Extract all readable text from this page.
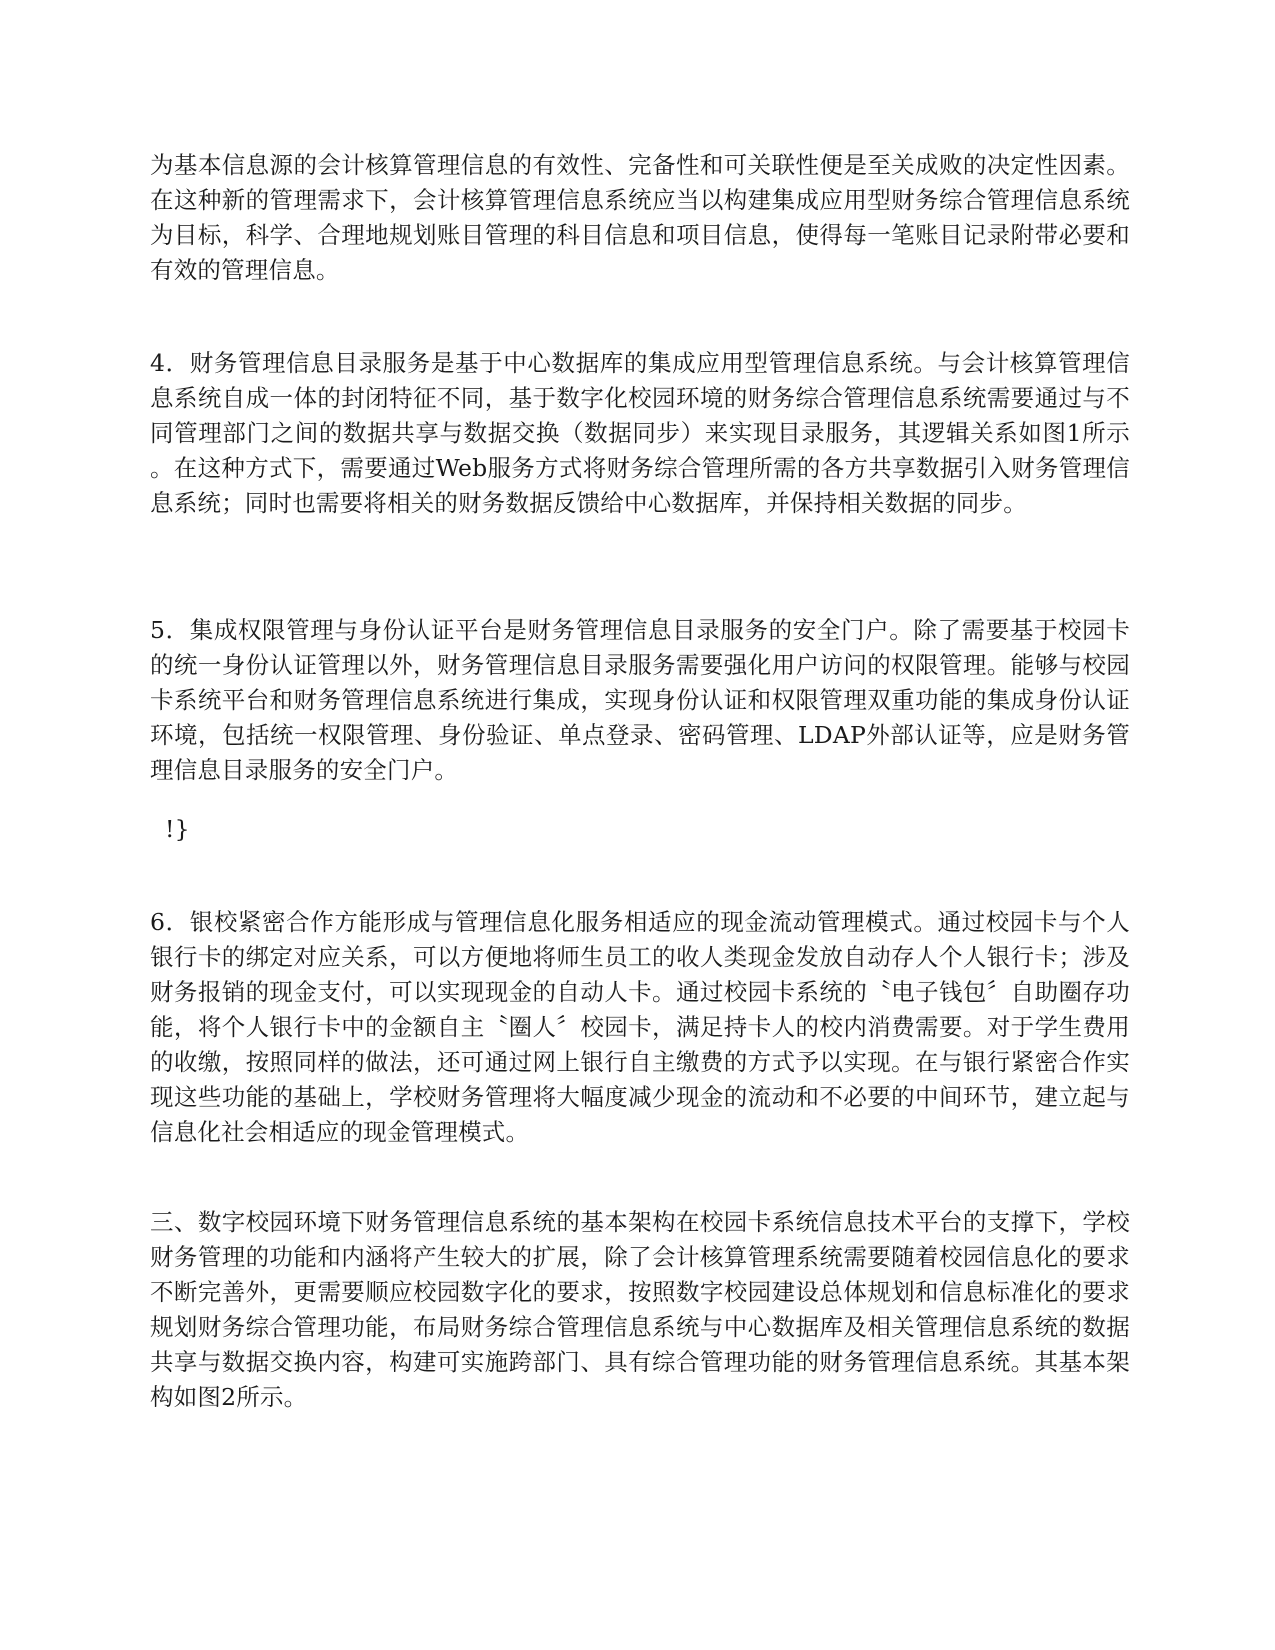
为基本信息源的会计核算管理信息的有效性、完备性和可关联性便是至关成败的决定性因素。在这种新的管理需求下，会计核算管理信息系统应当以构建集成应用型财务综合管理信息系统为目标，科学、合理地规划账目管理的科目信息和项目信息，使得每一笔账目记录附带必要和有效的管理信息。

4．财务管理信息目录服务是基于中心数据库的集成应用型管理信息系统。与会计核算管理信息系统自成一体的封闭特征不同，基于数字化校园环境的财务综合管理信息系统需要通过与不同管理部门之间的数据共享与数据交换（数据同步）来实现目录服务，其逻辑关系如图1所示。在这种方式下，需要通过Web服务方式将财务综合管理所需的各方共享数据引入财务管理信息系统；同时也需要将相关的财务数据反馈给中心数据库，并保持相关数据的同步。

5．集成权限管理与身份认证平台是财务管理信息目录服务的安全门户。除了需要基于校园卡的统一身份认证管理以外，财务管理信息目录服务需要强化用户访问的权限管理。能够与校园卡系统平台和财务管理信息系统进行集成，实现身份认证和权限管理双重功能的集成身份认证环境，包括统一权限管理、身份验证、单点登录、密码管理、LDAP外部认证等，应是财务管理信息目录服务的安全门户。

!}

6．银校紧密合作方能形成与管理信息化服务相适应的现金流动管理模式。通过校园卡与个人银行卡的绑定对应关系，可以方便地将师生员工的收人类现金发放自动存人个人银行卡；涉及财务报销的现金支付，可以实现现金的自动人卡。通过校园卡系统的〝电子钱包〞自助圈存功能，将个人银行卡中的金额自主〝圈人〞校园卡，满足持卡人的校内消费需要。对于学生费用的收缴，按照同样的做法，还可通过网上银行自主缴费的方式予以实现。在与银行紧密合作实现这些功能的基础上，学校财务管理将大幅度减少现金的流动和不必要的中间环节，建立起与信息化社会相适应的现金管理模式。

三、数字校园环境下财务管理信息系统的基本架构在校园卡系统信息技术平台的支撑下，学校财务管理的功能和内涵将产生较大的扩展，除了会计核算管理系统需要随着校园信息化的要求不断完善外，更需要顺应校园数字化的要求，按照数字校园建设总体规划和信息标准化的要求规划财务综合管理功能，布局财务综合管理信息系统与中心数据库及相关管理信息系统的数据共享与数据交换内容，构建可实施跨部门、具有综合管理功能的财务管理信息系统。其基本架构如图2所示。
